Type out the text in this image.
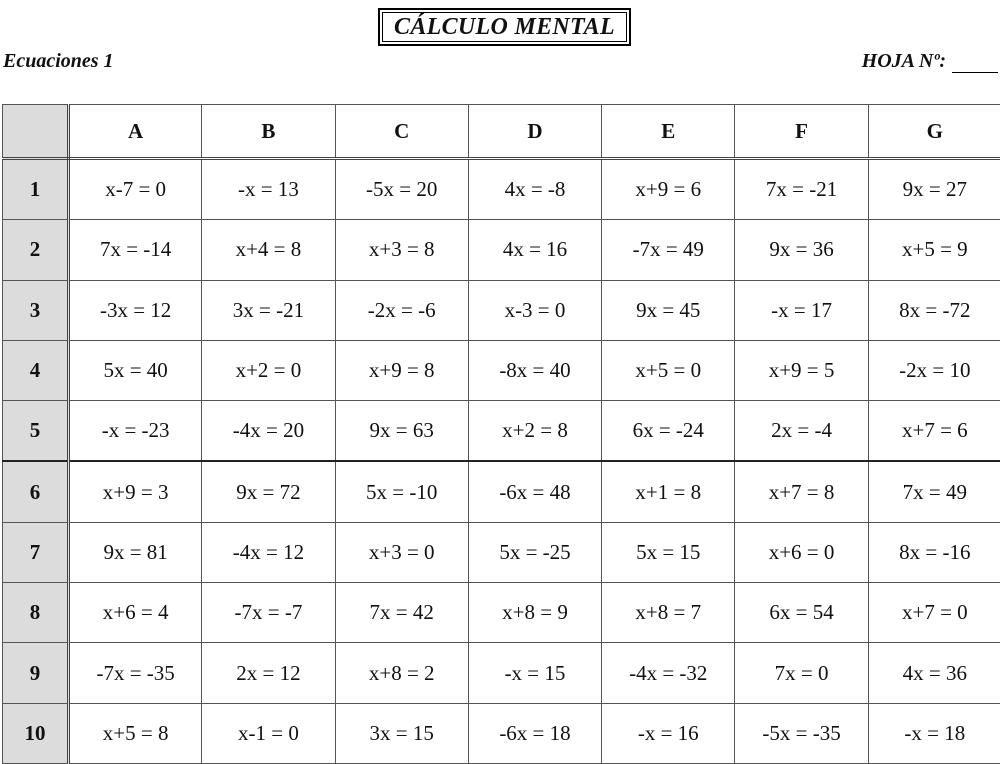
CÁLCULO MENTAL
Ecuaciones 1	HOJA Nº:
	A	B	C	D	E	F	G
1	x-7 = 0	-x = 13	-5x = 20	4x = -8	x+9 = 6	7x = -21	9x = 27
2	7x = -14	x+4 = 8	x+3 = 8	4x = 16	-7x = 49	9x = 36	x+5 = 9
3	-3x = 12	3x = -21	-2x = -6	x-3 = 0	9x = 45	-x = 17	8x = -72
4	5x = 40	x+2 = 0	x+9 = 8	-8x = 40	x+5 = 0	x+9 = 5	-2x = 10
5	-x = -23	-4x = 20	9x = 63	x+2 = 8	6x = -24	2x = -4	x+7 = 6
6	x+9 = 3	9x = 72	5x = -10	-6x = 48	x+1 = 8	x+7 = 8	7x = 49
7	9x = 81	-4x = 12	x+3 = 0	5x = -25	5x = 15	x+6 = 0	8x = -16
8	x+6 = 4	-7x = -7	7x = 42	x+8 = 9	x+8 = 7	6x = 54	x+7 = 0
9	-7x = -35	2x = 12	x+8 = 2	-x = 15	-4x = -32	7x = 0	4x = 36
10	x+5 = 8	x-1 = 0	3x = 15	-6x = 18	-x = 16	-5x = -35	-x = 18
